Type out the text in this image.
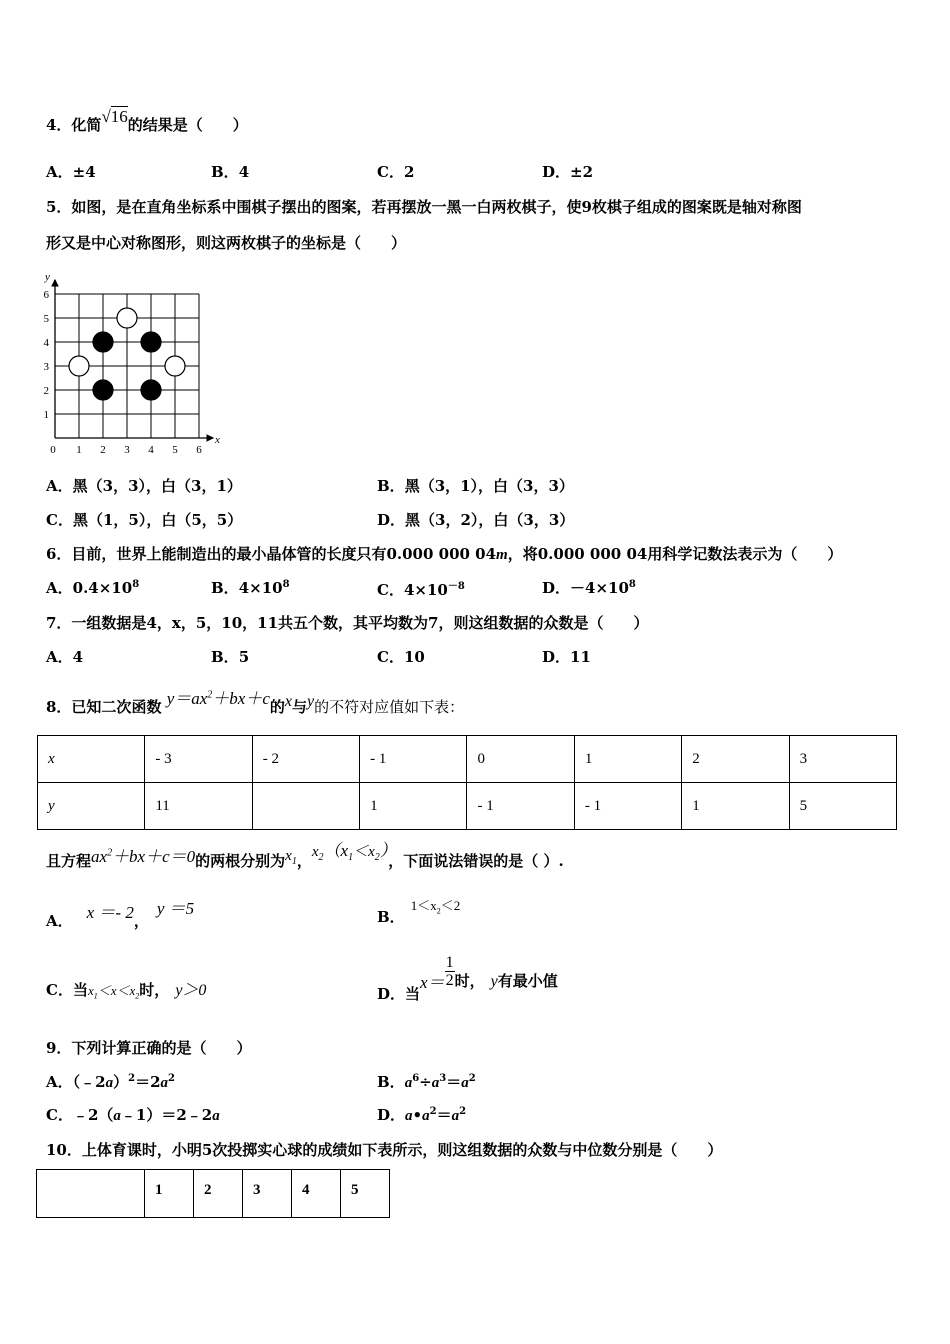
4．化简√16的结果是（　　）
A．±4	B．4	C．2	D．±2
5．如图，是在直角坐标系中围棋子摆出的图案，若再摆放一黑一白两枚棋子，使9枚棋子组成的图案既是轴对称图
形又是中心对称图形，则这两枚棋子的坐标是（　　）
0 1 2 3 4 5 6
1
2
3
4
5
6
x
y
A．黑（3，3），白（3，1）	B．黑（3，1），白（3，3）
C．黑（1，5），白（5，5）	D．黑（3，2），白（3，3）
6．目前，世界上能制造出的最小晶体管的长度只有0.000 000 04m，将0.000 000 04用科学记数法表示为（　　）
A．$0.4\times 10^8$	B．$4\times 10^8$	C．$4\times 10^{-8}$	D．$-4\times 10^8$
7．一组数据是4，x，5，10，11共五个数，其平均数为7，则这组数据的众数是（　　）
A．4	B．5	C．10	D．11
8．已知二次函数 $y=ax^2+bx+c$的x与y的不符对应值如下表：
x	- 3	- 2	- 1	0	1	2	3
y	11		1	- 1	- 1	1	5
且方程$ax^2+bx+c=0$的两根分别为$x_1$，$x_2(x_1<x_2)$，下面说法错误的是（ ）.
A． x ＝- 2，y ＝5	B．$1<x_2<2$
C．当$x_1<x<x_2$时， y＞0	D．当$x= \frac{1}{2}$ 时， y有最小值
9．下列计算正确的是（　　）
A．$(﹣2a)^2=2a^2$	B．$a^6\div a^3=a^2$
C．﹣2（a﹣1）＝2﹣2a	D．$a•a^2=a^2$
10．上体育课时，小明5次投掷实心球的成绩如下表所示，则这组数据的众数与中位数分别是（　　）
	1	2	3	4	5
